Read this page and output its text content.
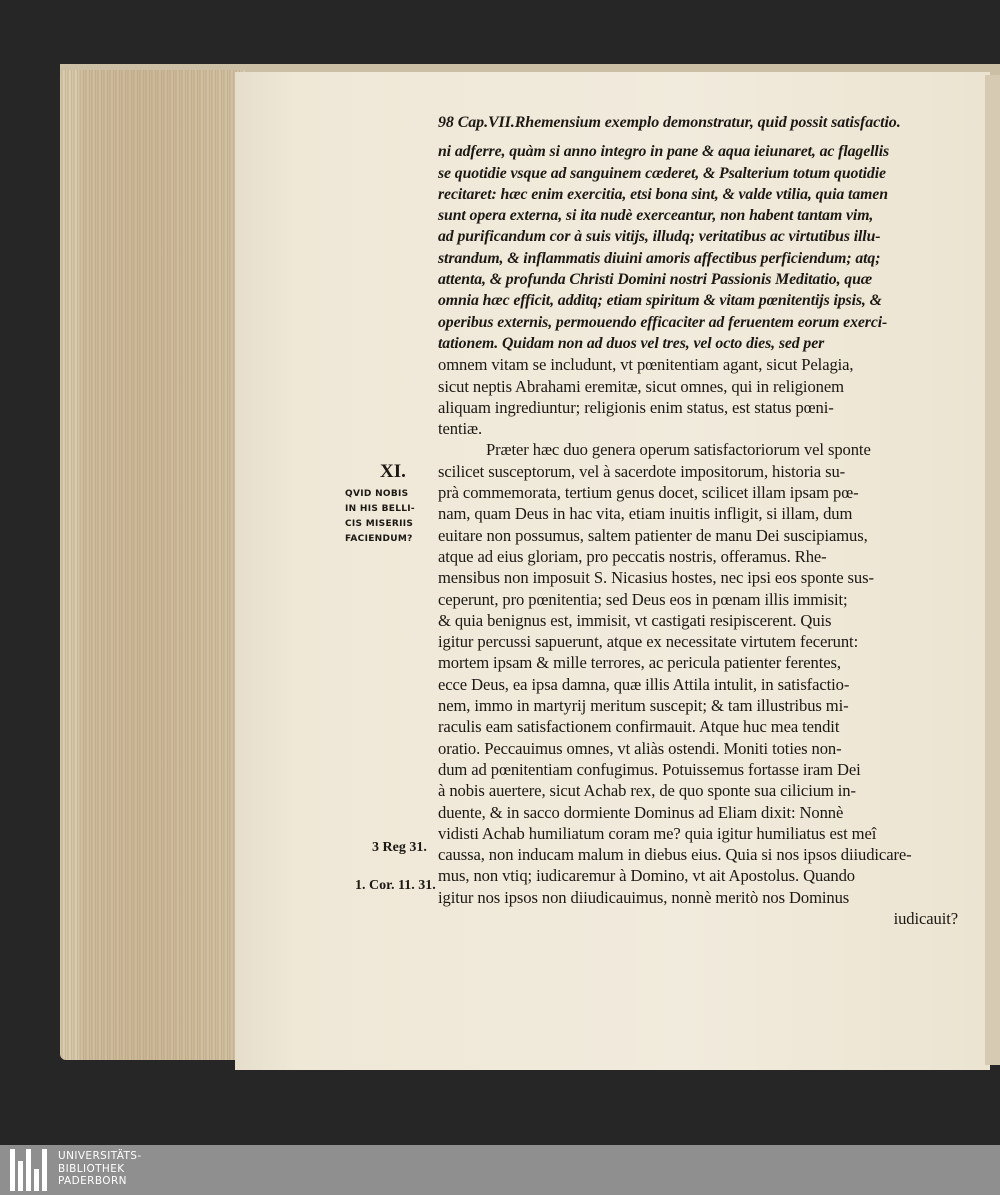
98 Cap.VII.Rhemensium exemplo demonstratur, quid possit satisfactio.
ni adferre, quàm si anno integro in pane & aqua ieiunaret, ac flagellis
se quotidie vsque ad sanguinem cæderet, & Psalterium totum quotidie
recitaret: hæc enim exercitia, etsi bona sint, & valde vtilia, quia tamen
sunt opera externa, si ita nudè exerceantur, non habent tantam vim,
ad purificandum cor à suis vitijs, illudq; veritatibus ac virtutibus illu-
strandum, & inflammatis diuini amoris affectibus perficiendum; atq;
attenta, & profunda Christi Domini nostri Passionis Meditatio, quæ
omnia hæc efficit, additq; etiam spiritum & vitam pœnitentijs ipsis, &
operibus externis, permouendo efficaciter ad feruentem eorum exerci-
tationem. Quidam non ad duos vel tres, vel octo dies, sed per
omnem vitam se includunt, vt pœnitentiam agant, sicut Pelagia,
sicut neptis Abrahami eremitæ, sicut omnes, qui in religionem
aliquam ingrediuntur; religionis enim status, est status pœni-
tentiæ.
Præter hæc duo genera operum satisfactoriorum vel sponte
scilicet susceptorum, vel à sacerdote impositorum, historia su-
prà commemorata, tertium genus docet, scilicet illam ipsam pœ-
nam, quam Deus in hac vita, etiam inuitis infligit, si illam, dum
euitare non possumus, saltem patienter de manu Dei suscipiamus,
atque ad eius gloriam, pro peccatis nostris, offeramus. Rhe-
mensibus non imposuit S. Nicasius hostes, nec ipsi eos sponte sus-
ceperunt, pro pœnitentia; sed Deus eos in pœnam illis immisit;
& quia benignus est, immisit, vt castigati resipiscerent. Quis
igitur percussi sapuerunt, atque ex necessitate virtutem fecerunt:
mortem ipsam & mille terrores, ac pericula patienter ferentes,
ecce Deus, ea ipsa damna, quæ illis Attila intulit, in satisfactio-
nem, immo in martyrij meritum suscepit; & tam illustribus mi-
raculis eam satisfactionem confirmauit. Atque huc mea tendit
oratio. Peccauimus omnes, vt aliàs ostendi. Moniti toties non-
dum ad pœnitentiam confugimus. Potuissemus fortasse iram Dei
à nobis auertere, sicut Achab rex, de quo sponte sua cilicium in-
duente, & in sacco dormiente Dominus ad Eliam dixit: Nonnè
vidisti Achab humiliatum coram me? quia igitur humiliatus est meî
caussa, non inducam malum in diebus eius. Quia si nos ipsos diiudicare-
mus, non vtiq; iudicaremur à Domino, vt ait Apostolus. Quando
igitur nos ipsos non diiudicauimus, nonnè meritò nos Dominus
iudicauit?
XI.
QVID NOBIS
IN HIS BELLI-
CIS MISERIIS
FACIENDUM?
3 Reg 31.
1. Cor. 11. 31.
UNIVERSITÄTS-
BIBLIOTHEK
PADERBORN
